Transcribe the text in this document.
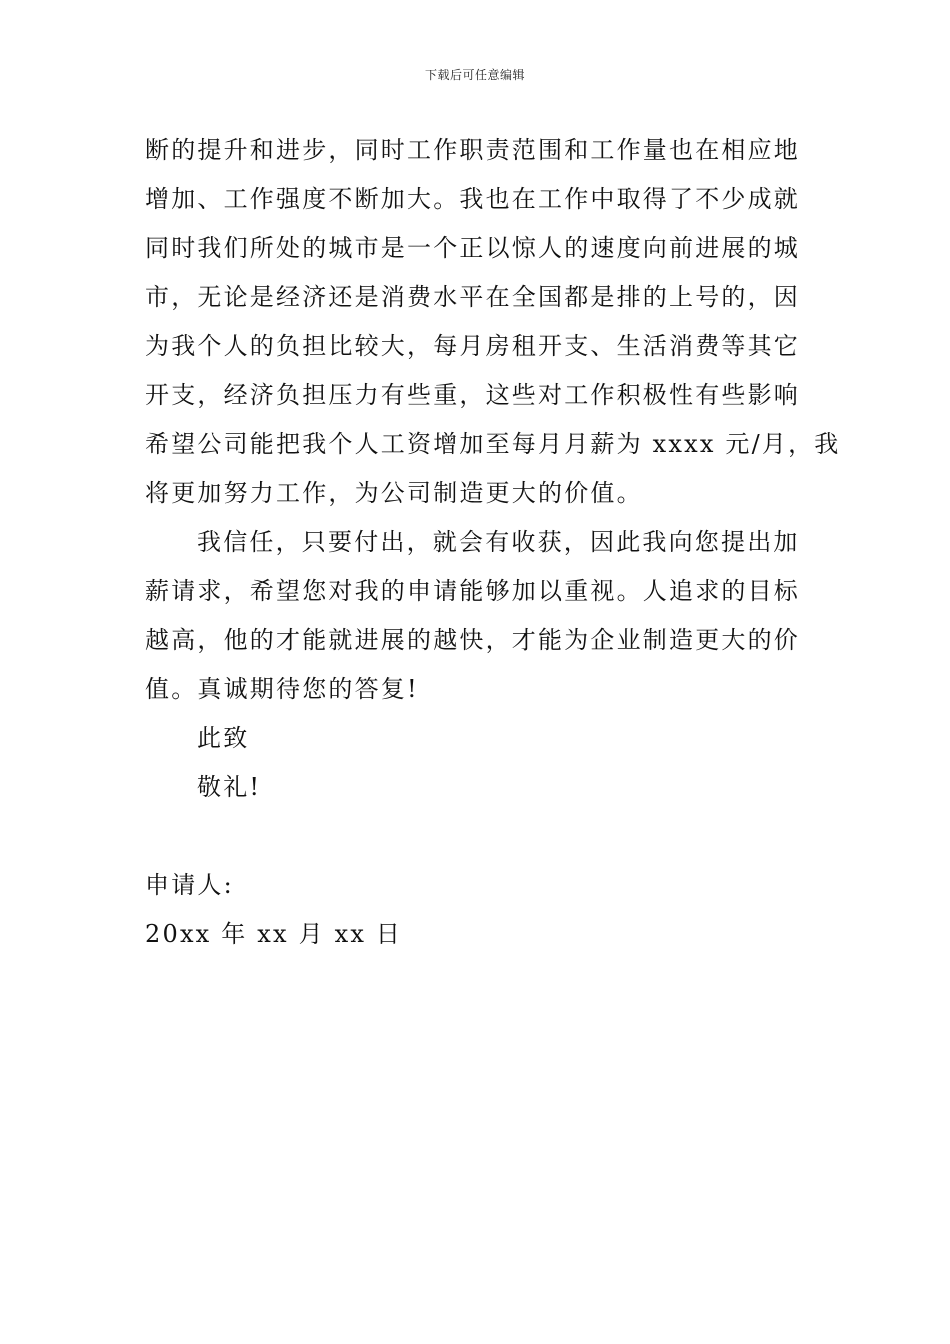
下载后可任意编辑
断的提升和进步，同时工作职责范围和工作量也在相应地
增加、工作强度不断加大。我也在工作中取得了不少成就
同时我们所处的城市是一个正以惊人的速度向前进展的城
市，无论是经济还是消费水平在全国都是排的上号的，因
为我个人的负担比较大，每月房租开支、生活消费等其它
开支，经济负担压力有些重，这些对工作积极性有些影响
希望公司能把我个人工资增加至每月月薪为 xxxx 元/月，我
将更加努力工作，为公司制造更大的价值。
我信任，只要付出，就会有收获，因此我向您提出加
薪请求，希望您对我的申请能够加以重视。人追求的目标
越高，他的才能就进展的越快，才能为企业制造更大的价
值。真诚期待您的答复!
此致
敬礼!
申请人:
20xx 年 xx 月 xx 日
